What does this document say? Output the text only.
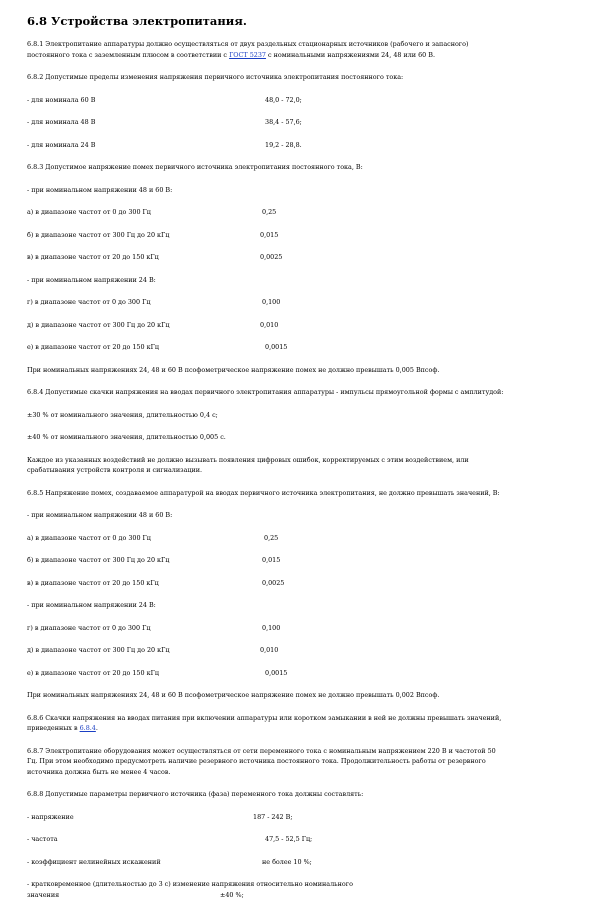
6.8 Устройства электропитания.

6.8.1 Электропитание аппаратуры должно осуществляться от двух раздельных стационарных источников (рабочего и запасного)

постоянного тока с заземленным плюсом в соответствии с ГОСТ 5237 с номинальными напряжениями 24, 48 или 60 В.

6.8.2 Допустимые пределы изменения напряжения первичного источника электропитания постоянного тока:

- для номинала 60 В	48,0 - 72,0;
- для номинала 48 В	38,4 - 57,6;
- для номинала 24 В	19,2 - 28,8.

6.8.3 Допустимое напряжение помех первичного источника электропитания постоянного тока, В:

- при номинальном напряжении 48 и 60 В:

а) в диапазоне частот от 0 до 300 Гц	0,25
б) в диапазоне частот от 300 Гц до 20 кГц	0,015
в) в диапазоне частот от 20 до 150 кГц	0,0025

- при номинальном напряжении 24 В:

г) в диапазоне частот от 0 до 300 Гц	0,100
д) в диапазоне частот от 300 Гц до 20 кГц	0,010
е) в диапазоне частот от 20 до 150 кГц	0,0015

При номинальных напряжениях 24, 48 и 60 В псофометрическое напряжение помех не должно превышать 0,005 Впсоф.

6.8.4 Допустимые скачки напряжения на вводах первичного электропитания аппаратуры - импульсы прямоугольной формы с амплитудой:

±30 % от номинального значения, длительностью 0,4 с;

±40 % от номинального значения, длительностью 0,005 с.

Каждое из указанных воздействий не должно вызывать появления цифровых ошибок, корректируемых с этим воздействием, или

срабатывания устройств контроля и сигнализации.

6.8.5 Напряжение помех, создаваемое аппаратурой на вводах первичного источника электропитания, не должно превышать значений, В:

- при номинальном напряжении 48 и 60 В:

а) в диапазоне частот от 0 до 300 Гц	0,25
б) в диапазоне частот от 300 Гц до 20 кГц	0,015
в) в диапазоне частот от 20 до 150 кГц	0,0025

- при номинальном напряжении 24 В:

г) в диапазоне частот от 0 до 300 Гц	0,100
д) в диапазоне частот от 300 Гц до 20 кГц	0,010
е) в диапазоне частот от 20 до 150 кГц	0,0015

При номинальных напряжениях 24, 48 и 60 В псофометрическое напряжение помех не должно превышать 0,002 Впсоф.

6.8.6 Скачки напряжения на вводах питания при включении аппаратуры или коротком замыкании в ней не должны превышать значений,

приведенных в 6.8.4.

6.8.7 Электропитание оборудования может осуществляться от сети переменного тока с номинальным напряжением 220 В и частотой 50

Гц. При этом необходимо предусмотреть наличие резервного источника постоянного тока. Продолжительность работы от резервного

источника должна быть не менее 4 часов.

6.8.8 Допустимые параметры первичного источника (фаза) переменного тока должны составлять:

- напряжение	187 - 242 В;
- частота	47,5 - 52,5 Гц;
- коэффициент нелинейных искажений	не более 10 %;

- кратковременное (длительностью до 3 с) изменение напряжения относительно номинального

значения	±40 %;
